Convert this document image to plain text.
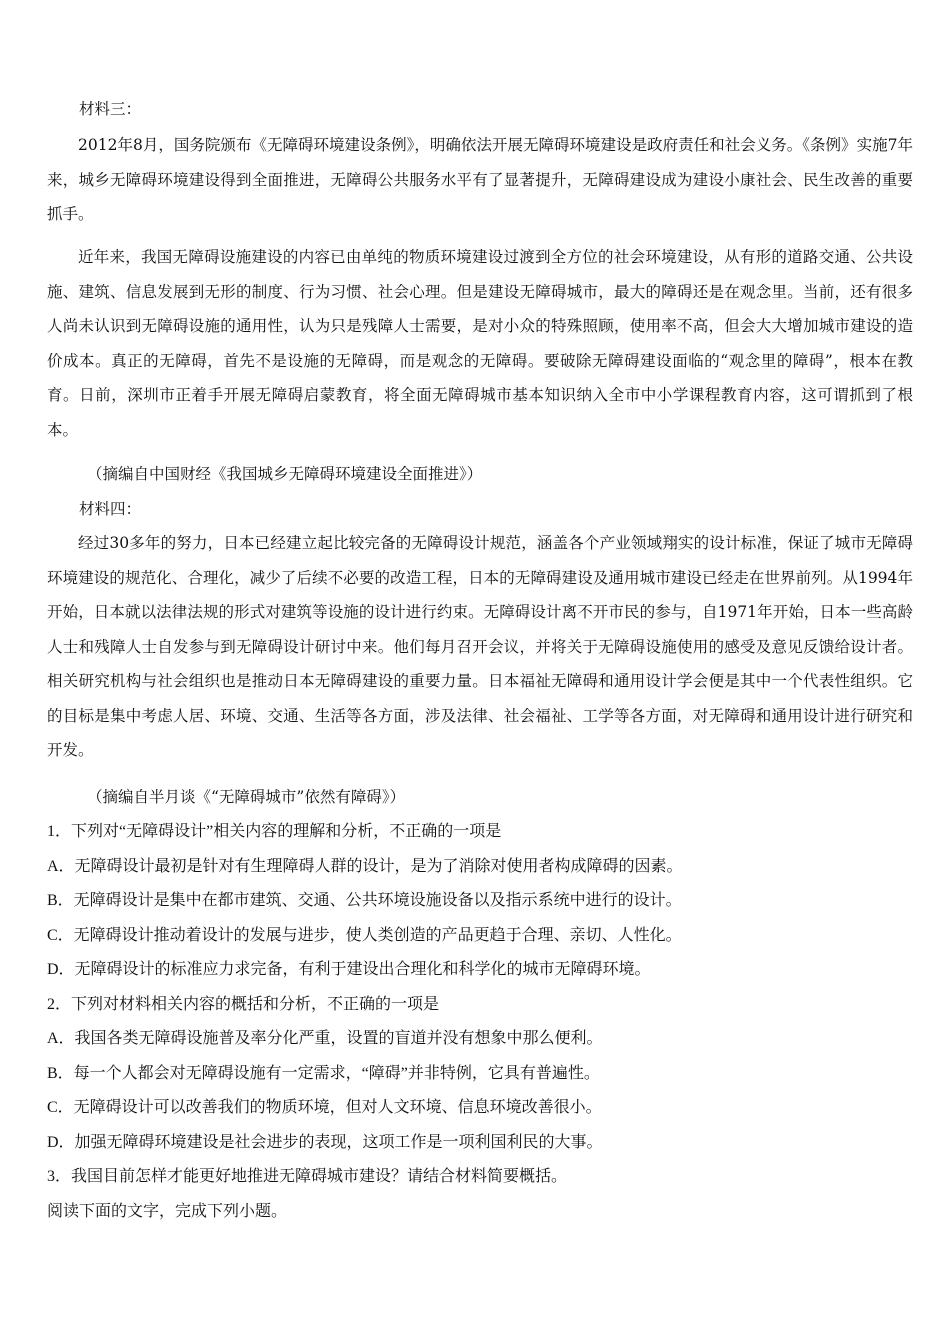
材料三：

2012年8月，国务院颁布《无障碍环境建设条例》，明确依法开展无障碍环境建设是政府责任和社会义务。《条例》实施7年来，城乡无障碍环境建设得到全面推进，无障碍公共服务水平有了显著提升，无障碍建设成为建设小康社会、民生改善的重要抓手。

近年来，我国无障碍设施建设的内容已由单纯的物质环境建设过渡到全方位的社会环境建设，从有形的道路交通、公共设施、建筑、信息发展到无形的制度、行为习惯、社会心理。但是建设无障碍城市，最大的障碍还是在观念里。当前，还有很多人尚未认识到无障碍设施的通用性，认为只是残障人士需要，是对小众的特殊照顾，使用率不高，但会大大增加城市建设的造价成本。真正的无障碍，首先不是设施的无障碍，而是观念的无障碍。要破除无障碍建设面临的“观念里的障碍”，根本在教育。日前，深圳市正着手开展无障碍启蒙教育，将全面无障碍城市基本知识纳入全市中小学课程教育内容，这可谓抓到了根本。

（摘编自中国财经《我国城乡无障碍环境建设全面推进》）

材料四：

经过30多年的努力，日本已经建立起比较完备的无障碍设计规范，涵盖各个产业领域翔实的设计标准，保证了城市无障碍环境建设的规范化、合理化，减少了后续不必要的改造工程，日本的无障碍建设及通用城市建设已经走在世界前列。从1994年开始，日本就以法律法规的形式对建筑等设施的设计进行约束。无障碍设计离不开市民的参与，自1971年开始，日本一些高龄人士和残障人士自发参与到无障碍设计研讨中来。他们每月召开会议，并将关于无障碍设施使用的感受及意见反馈给设计者。相关研究机构与社会组织也是推动日本无障碍建设的重要力量。日本福祉无障碍和通用设计学会便是其中一个代表性组织。它的目标是集中考虑人居、环境、交通、生活等各方面，涉及法律、社会福祉、工学等各方面，对无障碍和通用设计进行研究和开发。

（摘编自半月谈《“无障碍城市”依然有障碍》）

1．下列对“无障碍设计”相关内容的理解和分析，不正确的一项是

A．无障碍设计最初是针对有生理障碍人群的设计，是为了消除对使用者构成障碍的因素。

B．无障碍设计是集中在都市建筑、交通、公共环境设施设备以及指示系统中进行的设计。

C．无障碍设计推动着设计的发展与进步，使人类创造的产品更趋于合理、亲切、人性化。

D．无障碍设计的标准应力求完备，有利于建设出合理化和科学化的城市无障碍环境。

2．下列对材料相关内容的概括和分析，不正确的一项是

A．我国各类无障碍设施普及率分化严重，设置的盲道并没有想象中那么便利。

B．每一个人都会对无障碍设施有一定需求，“障碍”并非特例，它具有普遍性。

C．无障碍设计可以改善我们的物质环境，但对人文环境、信息环境改善很小。

D．加强无障碍环境建设是社会进步的表现，这项工作是一项利国利民的大事。

3．我国目前怎样才能更好地推进无障碍城市建设？请结合材料简要概括。

阅读下面的文字，完成下列小题。
